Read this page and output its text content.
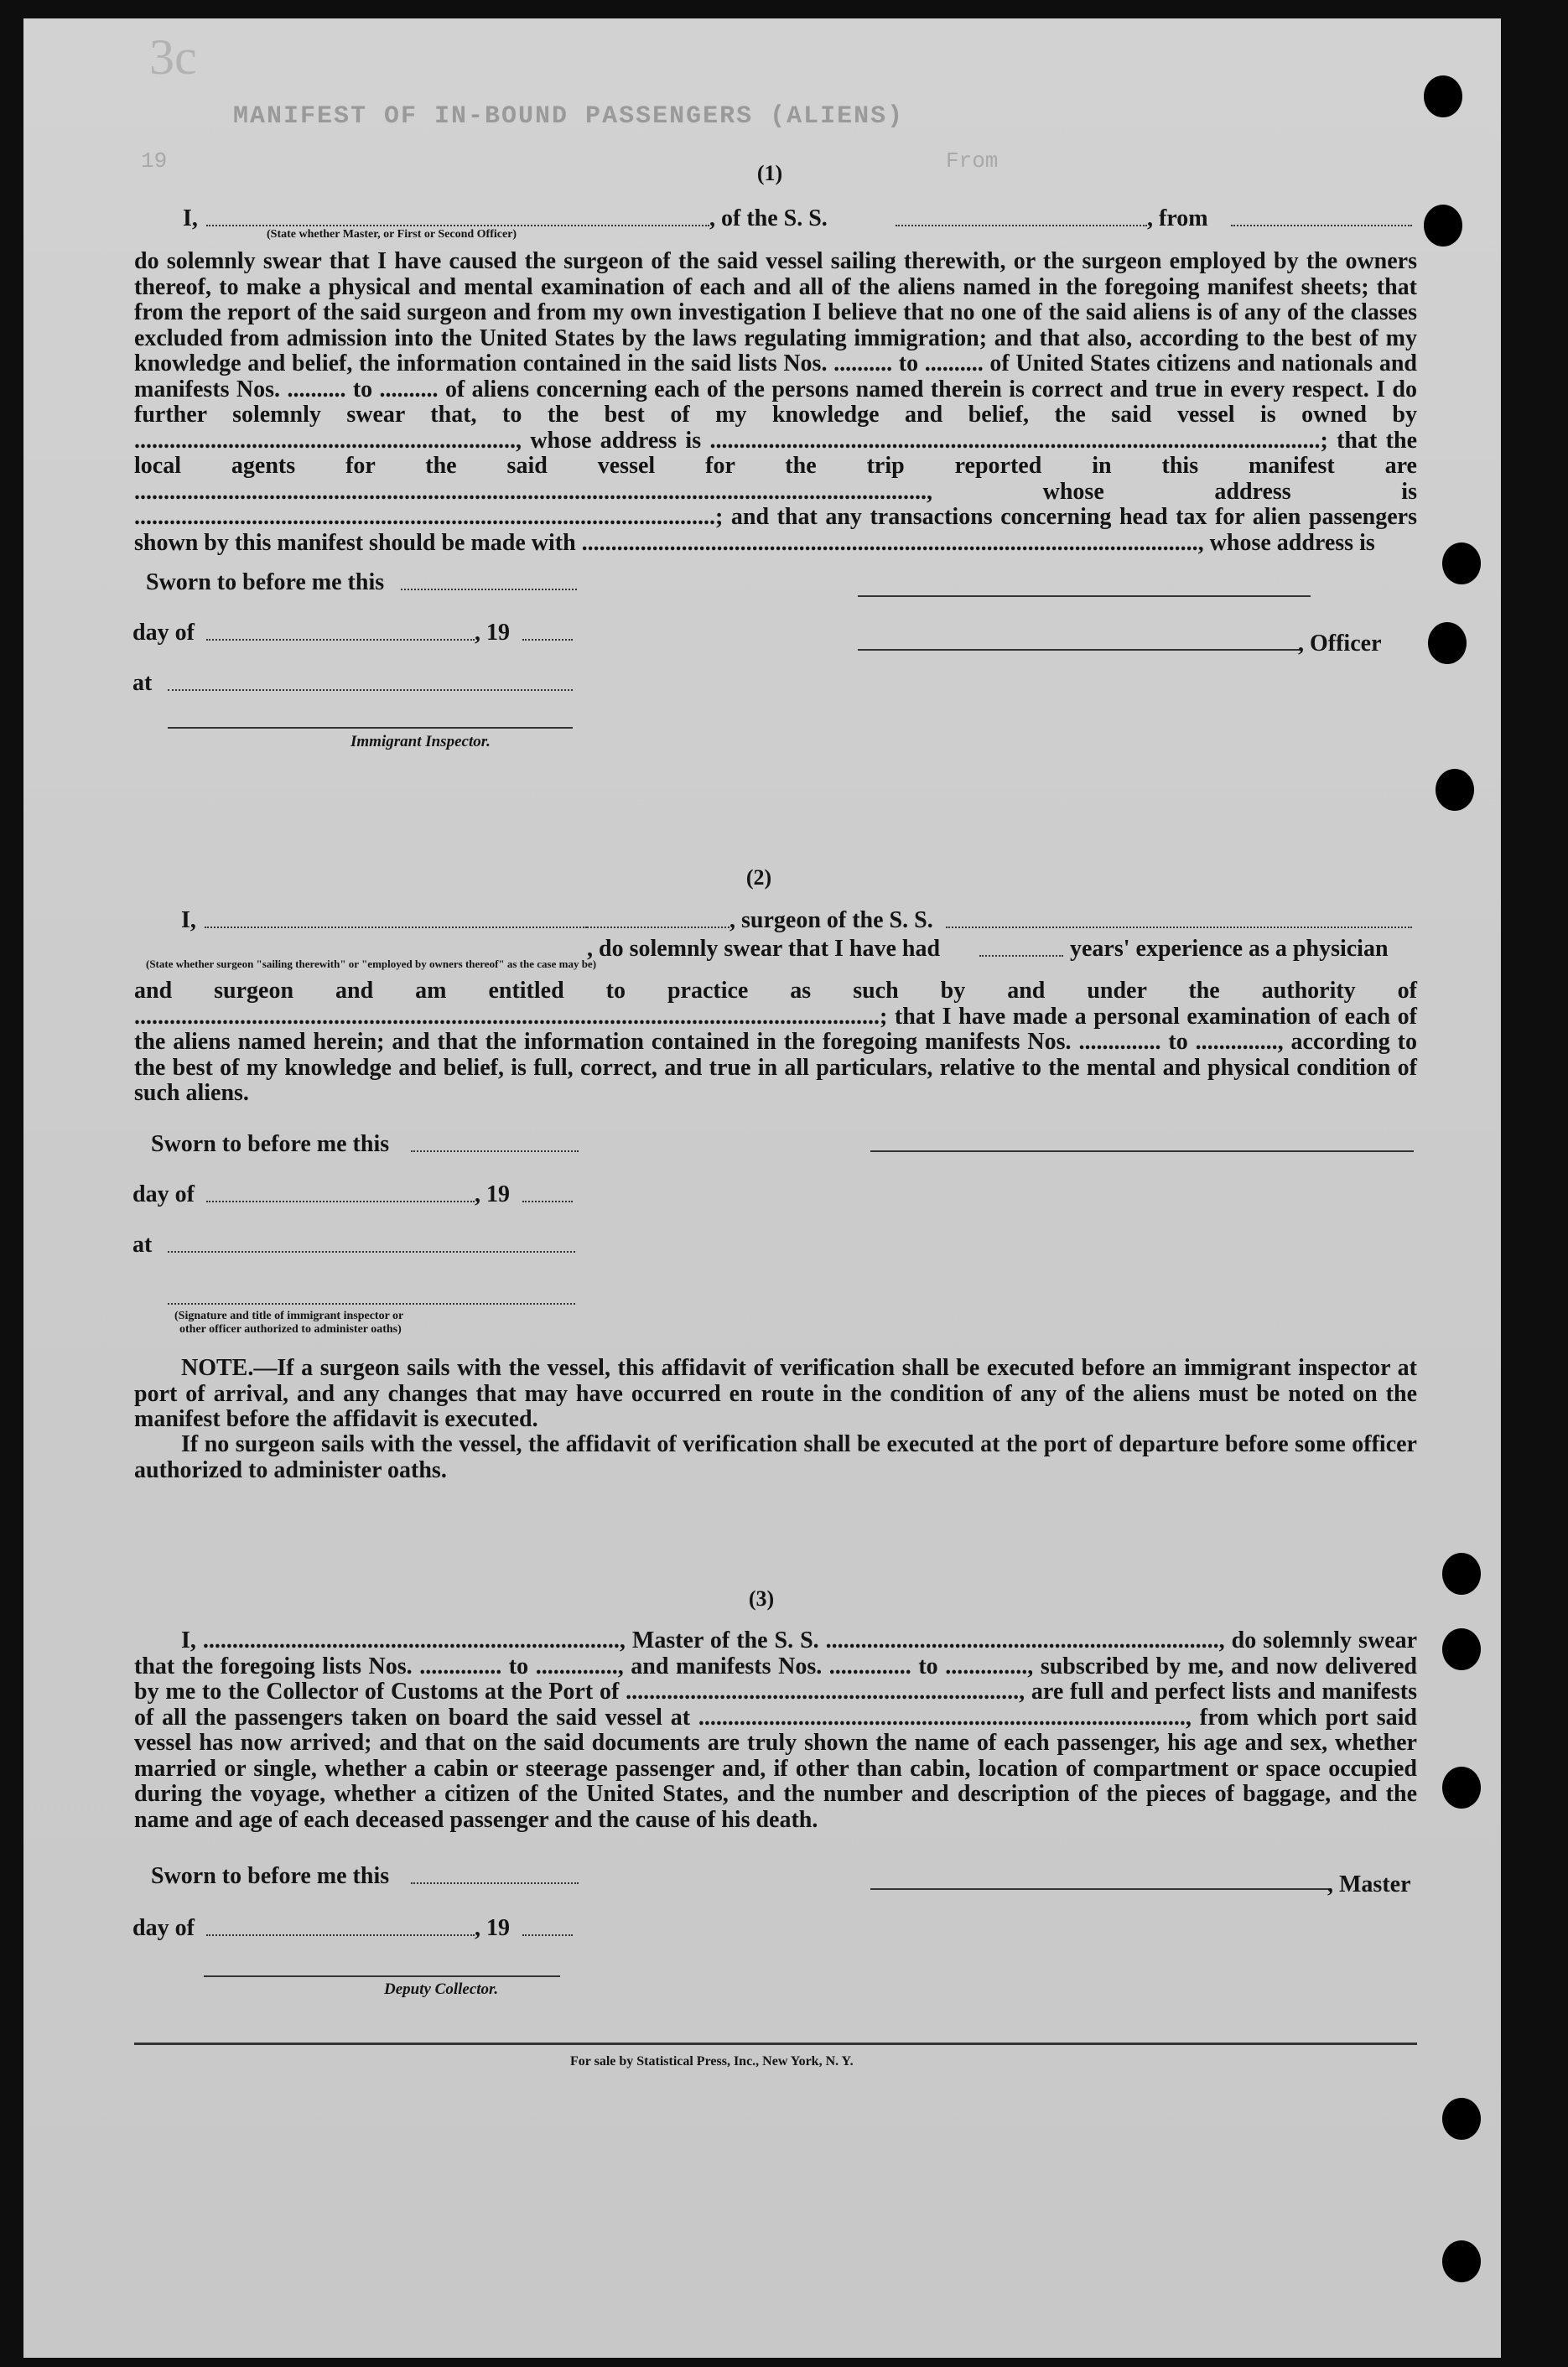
3c
MANIFEST OF IN-BOUND PASSENGERS (ALIENS)
From
19	(1)
I,	, of the S. S.	, from
(State whether Master, or First or Second Officer)

do solemnly swear that I have caused the surgeon of the said vessel sailing therewith, or the surgeon employed by the owners thereof, to make a physical and mental examination of each and all of the aliens named in the foregoing manifest sheets; that from the report of the said surgeon and from my own investigation I believe that no one of the said aliens is of any of the classes excluded from admission into the United States by the laws regulating immigration; and that also, according to the best of my knowledge and belief, the information contained in the said lists Nos. .......... to .......... of United States citizens and nationals and manifests Nos. .......... to .......... of aliens concerning each of the persons named therein is correct and true in every respect. I do further solemnly swear that, to the best of my knowledge and belief, the said vessel is owned by ................................................................., whose address is ........................................................................................................; that the local agents for the said vessel for the trip reported in this manifest are ......................................................................................................................................., whose address is ...................................................................................................; and that any transactions concerning head tax for alien passengers shown by this manifest should be made with ........................................................................................................., whose address is

Sworn to before me this
day of	, 19	, Officer
at
Immigrant Inspector.
(2)
I,	, surgeon of the S. S.
, do solemnly swear that I have had	years' experience as a physician
(State whether surgeon "sailing therewith" or "employed by owners thereof" as the case may be)

and surgeon and am entitled to practice as such by and under the authority of ...............................................................................................................................; that I have made a personal examination of each of the aliens named herein; and that the information contained in the foregoing manifests Nos. .............. to .............., according to the best of my knowledge and belief, is full, correct, and true in all particulars, relative to the mental and physical condition of such aliens.

Sworn to before me this
day of	, 19
at
(Signature and title of immigrant inspector or
other officer authorized to administer oaths)

NOTE.—If a surgeon sails with the vessel, this affidavit of verification shall be executed before an immigrant inspector at port of arrival, and any changes that may have occurred en route in the condition of any of the aliens must be noted on the manifest before the affidavit is executed.

If no surgeon sails with the vessel, the affidavit of verification shall be executed at the port of departure before some officer authorized to administer oaths.

(3)

I, ......................................................................., Master of the S. S. ..................................................................., do solemnly swear that the foregoing lists Nos. .............. to .............., and manifests Nos. .............. to .............., subscribed by me, and now delivered by me to the Collector of Customs at the Port of ..................................................................., are full and perfect lists and manifests of all the passengers taken on board the said vessel at ..................................................................................., from which port said vessel has now arrived; and that on the said documents are truly shown the name of each passenger, his age and sex, whether married or single, whether a cabin or steerage passenger and, if other than cabin, location of compartment or space occupied during the voyage, whether a citizen of the United States, and the number and description of the pieces of baggage, and the name and age of each deceased passenger and the cause of his death.

Sworn to before me this	, Master
day of	, 19
Deputy Collector.
For sale by Statistical Press, Inc., New York, N. Y.
